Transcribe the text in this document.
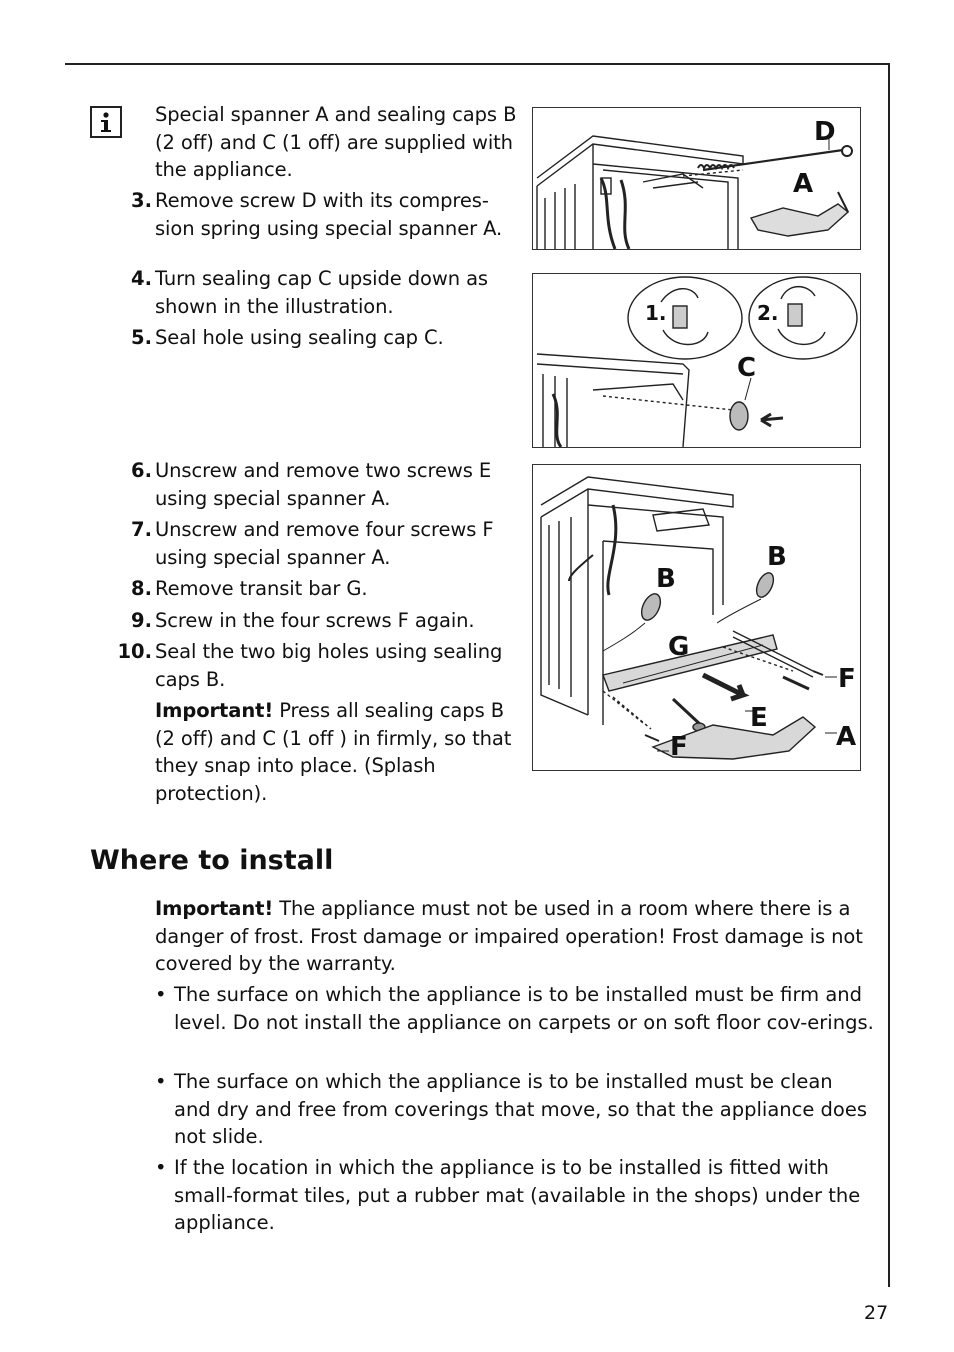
Special spanner A and sealing caps B (2 off) and C (1 off) are supplied with the appliance.
3. Remove screw D with its compres-sion spring using special spanner A.
4. Turn sealing cap C upside down as shown in the illustration.
5. Seal hole using sealing cap C.
6. Unscrew and remove two screws E using special spanner A.
7. Unscrew and remove four screws F using special spanner A.
8. Remove transit bar G.
9. Screw in the four screws F again.
10. Seal the two big holes using sealing caps B.
Important! Press all sealing caps B (2 off) and C (1 off ) in firmly, so that they snap into place. (Splash protection).
D
A
1.	2.
C
B
B
G
F
E
A
F
Where to install
Important! The appliance must not be used in a room where there is a danger of frost. Frost damage or impaired operation! Frost damage is not covered by the warranty.
• The surface on which the appliance is to be installed must be firm and level. Do not install the appliance on carpets or on soft floor cov-erings.
• The surface on which the appliance is to be installed must be clean and dry and free from coverings that move, so that the appliance does not slide.
• If the location in which the appliance is to be installed is fitted with small-format tiles, put a rubber mat (available in the shops) under the appliance.
27
